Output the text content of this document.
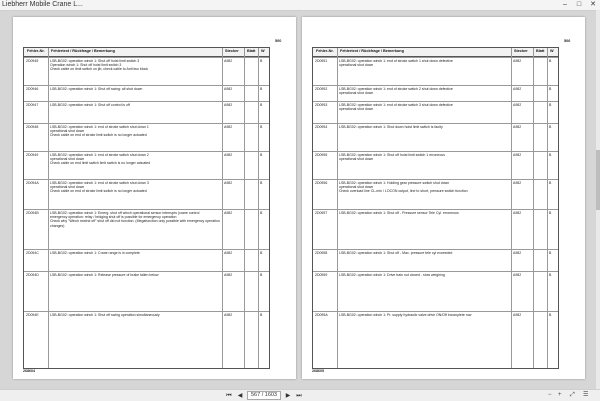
Liebherr Mobile Crane L...	–	□	✕
Fehler-Nr. Fehlertext / Rückfrage / Bemerkung	Stecker Blatt W
2D0945	LSB-BG02: operation winch 1: Shut off hoist limit switch 3
Operation winch 1: Shut off hoist limit switch 3
Check cable on limit switch on jib; check cable to Anti two block
A982	B
2D0946	LSB-BG02: operation winch 1: Shut off swing: all shut down	A982	B
2D0947	LSB-BG02: operation winch 1: Shut off control is off	A982	B
2D0948	LSB-BG02: operation winch 1: end of stroke switch shut down 1
operational shut down
Check cable on end of stroke limit switch is no longer actuated
A982	B
2D0949	LSB-BG02: operation winch 1: end of stroke switch shut down 2
operational shut down
Check cable on end limit switch limit switch is no longer actuated
A982	B
2D094A	LSB-BG02: operation winch 1: end of stroke switch shut down 3
operational shut down
Check cable on end of stroke limit switch is no longer actuated
A982	B
2D094B	LSB-BG02: operation winch 1: Emerg. shut off winch operational sensor interrupts (crane control
emergency operation: relay / bridging shut off is possible for emergency operation
Check why "Winch rewind off" shut off did not function. (Megafunction only possible with emergency operation changes)
A982	B
2D094C	LSB-BG02: operation winch 1: Crane range is in complete	A982	B
2D094D	LSB-BG02: operation winch 1: Release pressure of brake fallen below	A982	B
2D094E	LSB-BG02: operation winch 1: Shut off swing operation simultaneously	A982	B
500
268604
Fehler-Nr. Fehlertext / Rückfrage / Bemerkung	Stecker Blatt W
2D0951	LSB-BG02: operation winch 1: end of stroke switch 1 shut down defective
operational shut down
A982	B
2D0952	LSB-BG02: operation winch 1: end of stroke switch 2 shut down defective
operational shut down
A982	B
2D0953	LSB-BG02: operation winch 1: end of stroke switch 3 shut down defective
operational shut down
A982	B
2D0954	LSB-BG02: operation winch 1: Shut down hoist limit switch is faulty	A982	B
2D0955	LSB-BG02: operation winch 1: Shut off hoist limit switch 1 erroneous
operational shut down
A982	B
2D0956	LSB-BG02: operation winch 1: Holding gear pressure switch shut down
operational shut down
Check overload line CL-min / LOCON output, line to short, pressure switch function
A982	B
2D0957	LSB-BG02: operation winch 1: Shut off - Pressure sensor Tele Cyl. erroneous	A982	B
2D0958	LSB-BG02: operation winch 1: Shut off - Max. pressure tele cyl exceeded	A982	B
2D0959	LSB-BG02: operation winch 1: Drive train not closed - slow weighing	A982	B
2D095A	LSB-BG02: operation winch 1: Pr. supply hydraulic valve drive ON/Off incomplete row	A982	B
506
268605
⏮ ◀	567 / 1603	▶ ⏭	− + ⤢ ☰
